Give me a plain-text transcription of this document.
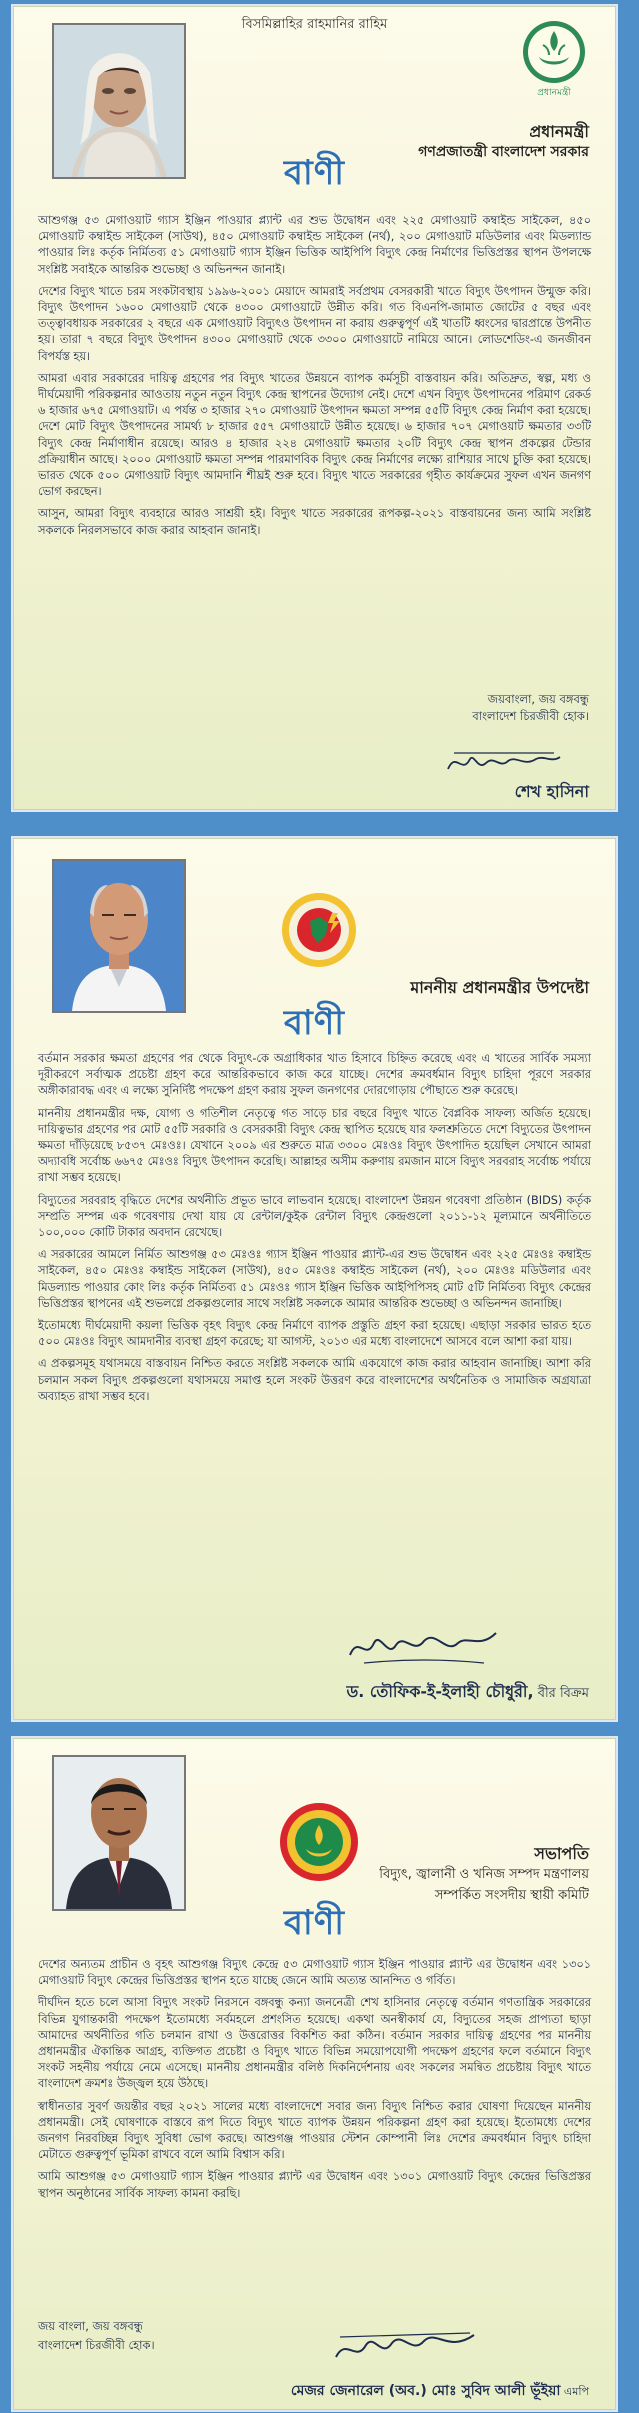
বিসমিল্লাহির রাহমানির রাহিম
প্রধানমন্ত্রী
প্রধানমন্ত্রী
গণপ্রজাতন্ত্রী বাংলাদেশ সরকার
বাণী

আশুগঞ্জ ৫৩ মেগাওয়াট গ্যাস ইঞ্জিন পাওয়ার প্ল্যান্ট এর শুভ উদ্বোধন এবং ২২৫ মেগাওয়াট কম্বাইন্ড সাইকেল, ৪৫০ মেগাওয়াট কম্বাইন্ড সাইকেল (সাউথ), ৪৫০ মেগাওয়াট কম্বাইন্ড সাইকেল (নর্থ), ২০০ মেগাওয়াট মডিউলার এবং মিডল্যান্ড পাওয়ার লিঃ কর্তৃক নির্মিতব্য ৫১ মেগাওয়াট গ্যাস ইঞ্জিন ভিত্তিক আইপিপি বিদ্যুৎ কেন্দ্র নির্মাণের ভিত্তিপ্রস্তর স্থাপন উপলক্ষে সংশ্লিষ্ট সবাইকে আন্তরিক শুভেচ্ছা ও অভিনন্দন জানাই।

দেশের বিদ্যুৎ খাতে চরম সংকটাবস্থায় ১৯৯৬-২০০১ মেয়াদে আমরাই সর্বপ্রথম বেসরকারী খাতে বিদ্যুৎ উৎপাদন উন্মুক্ত করি। বিদ্যুৎ উৎপাদন ১৬০০ মেগাওয়াট থেকে ৪৩০০ মেগাওয়াটে উন্নীত করি। গত বিএনপি-জামাত জোটের ৫ বছর এবং তত্ত্বাবধায়ক সরকারের ২ বছরে এক মেগাওয়াট বিদ্যুৎও উৎপাদন না করায় গুরুত্বপূর্ণ এই খাতটি ধ্বংসের দ্বারপ্রান্তে উপনীত হয়। তারা ৭ বছরে বিদ্যুৎ উৎপাদন ৪৩০০ মেগাওয়াট থেকে ৩৩০০ মেগাওয়াটে নামিয়ে আনে। লোডশেডিং-এ জনজীবন বিপর্যস্ত হয়।

আমরা এবার সরকারের দায়িত্ব গ্রহণের পর বিদ্যুৎ খাতের উন্নয়নে ব্যাপক কর্মসূচী বাস্তবায়ন করি। অতিদ্রুত, স্বল্প, মধ্য ও দীর্ঘমেয়াদী পরিকল্পনার আওতায় নতুন নতুন বিদ্যুৎ কেন্দ্র স্থাপনের উদ্যোগ নেই। দেশে এখন বিদ্যুৎ উৎপাদনের পরিমাণ রেকর্ড ৬ হাজার ৬৭৫ মেগাওয়াট। এ পর্যন্ত ৩ হাজার ২৭০ মেগাওয়াট উৎপাদন ক্ষমতা সম্পন্ন ৫৫টি বিদ্যুৎ কেন্দ্র নির্মাণ করা হয়েছে। দেশে মোট বিদ্যুৎ উৎপাদনের সামর্থ্য ৮ হাজার ৫৫৭ মেগাওয়াটে উন্নীত হয়েছে। ৬ হাজার ৭০৭ মেগাওয়াট ক্ষমতার ৩৩টি বিদ্যুৎ কেন্দ্র নির্মাণাধীন রয়েছে। আরও ৪ হাজার ২২৪ মেগাওয়াট ক্ষমতার ২০টি বিদ্যুৎ কেন্দ্র স্থাপন প্রকল্পের টেন্ডার প্রক্রিয়াধীন আছে। ২০০০ মেগাওয়াট ক্ষমতা সম্পন্ন পারমাণবিক বিদ্যুৎ কেন্দ্র নির্মাণের লক্ষ্যে রাশিয়ার সাথে চুক্তি করা হয়েছে। ভারত থেকে ৫০০ মেগাওয়াট বিদ্যুৎ আমদানি শীঘ্রই শুরু হবে। বিদ্যুৎ খাতে সরকারের গৃহীত কার্যক্রমের সুফল এখন জনগণ ভোগ করছেন।

আসুন, আমরা বিদ্যুৎ ব্যবহারে আরও সাশ্রয়ী হই। বিদ্যুৎ খাতে সরকারের রূপকল্প-২০২১ বাস্তবায়নের জন্য আমি সংশ্লিষ্ট সকলকে নিরলসভাবে কাজ করার আহবান জানাই।

জয়বাংলা, জয় বঙ্গবন্ধু
বাংলাদেশ চিরজীবী হোক।
শেখ হাসিনা
মাননীয় প্রধানমন্ত্রীর উপদেষ্টা
বাণী

বর্তমান সরকার ক্ষমতা গ্রহণের পর থেকে বিদ্যুৎ-কে অগ্রাধিকার খাত হিসাবে চিহ্নিত করেছে এবং এ খাতের সার্বিক সমস্যা দূরীকরণে সর্বাত্মক প্রচেষ্টা গ্রহণ করে আন্তরিকভাবে কাজ করে যাচ্ছে। দেশের ক্রমবর্ধমান বিদ্যুৎ চাহিদা পূরণে সরকার অঙ্গীকারাবদ্ধ এবং এ লক্ষ্যে সুনির্দিষ্ট পদক্ষেপ গ্রহণ করায় সুফল জনগণের দোরগোড়ায় পৌছাতে শুরু করেছে।

মাননীয় প্রধানমন্ত্রীর দক্ষ, যোগ্য ও গতিশীল নেতৃত্বে গত সাড়ে চার বছরে বিদ্যুৎ খাতে বৈপ্লবিক সাফল্য অর্জিত হয়েছে। দায়িত্বভার গ্রহণের পর মোট ৫৫টি সরকারি ও বেসরকারী বিদ্যুৎ কেন্দ্র স্থাপিত হয়েছে যার ফলশ্রুতিতে দেশে বিদ্যুতের উৎপাদন ক্ষমতা দাঁড়িয়েছে ৮৫৩৭ মেঃওঃ। যেখানে ২০০৯ এর শুরুতে মাত্র ৩৩০০ মেঃওঃ বিদ্যুৎ উৎপাদিত হয়েছিল সেখানে আমরা অদ্যাবধি সর্বোচ্চ ৬৬৭৫ মেঃওঃ বিদ্যুৎ উৎপাদন করেছি। আল্লাহর অসীম করুণায় রমজান মাসে বিদ্যুৎ সরবরাহ সর্বোচ্চ পর্যায়ে রাখা সম্ভব হয়েছে।

বিদ্যুতের সরবরাহ বৃদ্ধিতে দেশের অর্থনীতি প্রভূত ভাবে লাভবান হয়েছে। বাংলাদেশ উন্নয়ন গবেষণা প্রতিষ্ঠান (BIDS) কর্তৃক সম্প্রতি সম্পন্ন এক গবেষণায় দেখা যায় যে রেন্টাল/কুইক রেন্টাল বিদ্যুৎ কেন্দ্রগুলো ২০১১-১২ মূল্যমানে অর্থনীতিতে ১০০,০০০ কোটি টাকার অবদান রেখেছে।

এ সরকারের আমলে নির্মিত আশুগঞ্জ ৫৩ মেঃওঃ গ্যাস ইঞ্জিন পাওয়ার প্ল্যান্ট-এর শুভ উদ্বোধন এবং ২২৫ মেঃওঃ কম্বাইন্ড সাইকেল, ৪৫০ মেঃওঃ কম্বাইন্ড সাইকেল (সাউথ), ৪৫০ মেঃওঃ কম্বাইন্ড সাইকেল (নর্থ), ২০০ মেঃওঃ মডিউলার এবং মিডল্যান্ড পাওয়ার কোং লিঃ কর্তৃক নির্মিতব্য ৫১ মেঃওঃ গ্যাস ইঞ্জিন ভিত্তিক আইপিপিসহ মোট ৫টি নির্মিতব্য বিদ্যুৎ কেন্দ্রের ভিত্তিপ্রস্তর স্থাপনের এই শুভলগ্নে প্রকল্পগুলোর সাথে সংশ্লিষ্ট সকলকে আমার আন্তরিক শুভেচ্ছা ও অভিনন্দন জানাচ্ছি।

ইতোমধ্যে দীর্ঘমেয়াদী কয়লা ভিত্তিক বৃহৎ বিদ্যুৎ কেন্দ্র নির্মাণে ব্যাপক প্রস্তুতি গ্রহণ করা হয়েছে। এছাড়া সরকার ভারত হতে ৫০০ মেঃওঃ বিদ্যুৎ আমদানীর ব্যবস্থা গ্রহণ করেছে; যা আগস্ট, ২০১৩ এর মধ্যে বাংলাদেশে আসবে বলে আশা করা যায়।

এ প্রকল্পসমূহ যথাসময়ে বাস্তবায়ন নিশ্চিত করতে সংশ্লিষ্ট সকলকে আমি একযোগে কাজ করার আহবান জানাচ্ছি। আশা করি চলমান সকল বিদ্যুৎ প্রকল্পগুলো যথাসময়ে সমাপ্ত হলে সংকট উত্তরণ করে বাংলাদেশের অর্থনৈতিক ও সামাজিক অগ্রযাত্রা অব্যাহত রাখা সম্ভব হবে।

ড. তৌফিক-ই-ইলাহী চৌধুরী, বীর বিক্রম
সভাপতি
বিদ্যুৎ, জ্বালানী ও খনিজ সম্পদ মন্ত্রণালয়
সম্পর্কিত সংসদীয় স্থায়ী কমিটি
বাণী

দেশের অন্যতম প্রাচীন ও বৃহৎ আশুগঞ্জ বিদ্যুৎ কেন্দ্রে ৫৩ মেগাওয়াট গ্যাস ইঞ্জিন পাওয়ার প্ল্যান্ট এর উদ্বোধন এবং ১৩০১ মেগাওয়াট বিদ্যুৎ কেন্দ্রের ভিত্তিপ্রস্তর স্থাপন হতে যাচ্ছে জেনে আমি অত্যন্ত আনন্দিত ও গর্বিত।

দীর্ঘদিন হতে চলে আসা বিদ্যুৎ সংকট নিরসনে বঙ্গবন্ধু কন্যা জননেত্রী শেখ হাসিনার নেতৃত্বে বর্তমান গণতান্ত্রিক সরকারের বিভিন্ন যুগান্তকারী পদক্ষেপ ইতোমধ্যে সর্বমহলে প্রশংসিত হয়েছে। একথা অনস্বীকার্য যে, বিদ্যুতের সহজ প্রাপ্যতা ছাড়া আমাদের অর্থনীতির গতি চলমান রাখা ও উত্তরোত্তর বিকশিত করা কঠিন। বর্তমান সরকার দায়িত্ব গ্রহণের পর মাননীয় প্রধানমন্ত্রীর ঐকান্তিক আগ্রহ, ব্যক্তিগত প্রচেষ্টা ও বিদ্যুৎ খাতে বিভিন্ন সময়োপযোগী পদক্ষেপ গ্রহণের ফলে বর্তমানে বিদ্যুৎ সংকট সহনীয় পর্যায়ে নেমে এসেছে। মাননীয় প্রধানমন্ত্রীর বলিষ্ঠ দিকনির্দেশনায় এবং সকলের সমন্বিত প্রচেষ্টায় বিদ্যুৎ খাতে বাংলাদেশ ক্রমশঃ উজ্জ্বল হয়ে উঠছে।

স্বাধীনতার সুবর্ণ জয়ন্তীর বছর ২০২১ সালের মধ্যে বাংলাদেশে সবার জন্য বিদ্যুৎ নিশ্চিত করার ঘোষণা দিয়েছেন মাননীয় প্রধানমন্ত্রী। সেই ঘোষণাকে বাস্তবে রূপ দিতে বিদ্যুৎ খাতে ব্যাপক উন্নয়ন পরিকল্পনা গ্রহণ করা হয়েছে। ইতোমধ্যে দেশের জনগণ নিরবচ্ছিন্ন বিদ্যুৎ সুবিধা ভোগ করছে। আশুগঞ্জ পাওয়ার স্টেশন কোম্পানী লিঃ দেশের ক্রমবর্ধমান বিদ্যুৎ চাহিদা মেটাতে গুরুত্বপূর্ণ ভূমিকা রাখবে বলে আমি বিশ্বাস করি।

আমি আশুগঞ্জ ৫৩ মেগাওয়াট গ্যাস ইঞ্জিন পাওয়ার প্ল্যান্ট এর উদ্বোধন এবং ১৩০১ মেগাওয়াট বিদ্যুৎ কেন্দ্রের ভিত্তিপ্রস্তর স্থাপন অনুষ্ঠানের সার্বিক সাফল্য কামনা করছি।

জয় বাংলা, জয় বঙ্গবন্ধু
বাংলাদেশ চিরজীবী হোক।
মেজর জেনারেল (অব.) মোঃ সুবিদ আলী ভূঁইয়া এমপি
